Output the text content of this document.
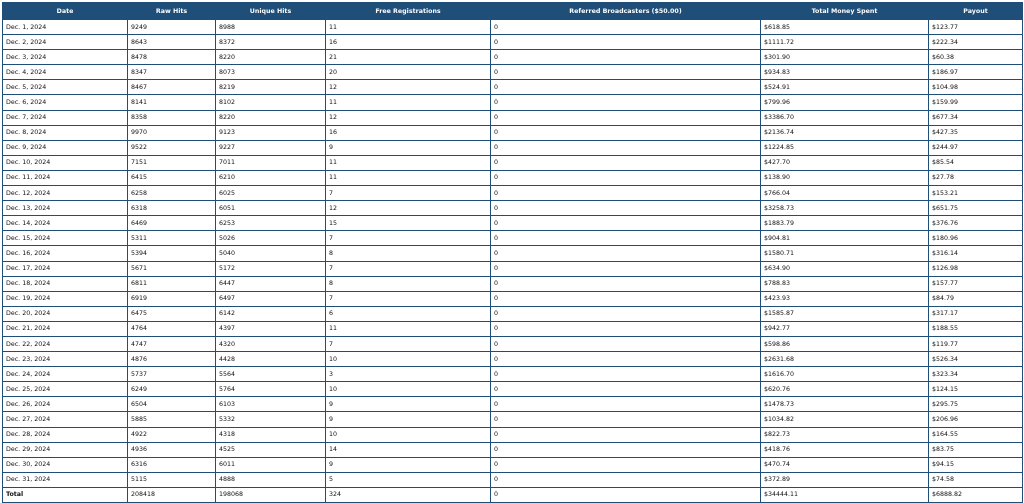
Date	Raw Hits	Unique Hits	Free Registrations	Referred Broadcasters ($50.00)	Total Money Spent	Payout
Dec. 1, 2024	9249	8988	11	0	$618.85	$123.77
Dec. 2, 2024	8643	8372	16	0	$1111.72	$222.34
Dec. 3, 2024	8478	8220	21	0	$301.90	$60.38
Dec. 4, 2024	8347	8073	20	0	$934.83	$186.97
Dec. 5, 2024	8467	8219	12	0	$524.91	$104.98
Dec. 6, 2024	8141	8102	11	0	$799.96	$159.99
Dec. 7, 2024	8358	8220	12	0	$3386.70	$677.34
Dec. 8, 2024	9970	9123	16	0	$2136.74	$427.35
Dec. 9, 2024	9522	9227	9	0	$1224.85	$244.97
Dec. 10, 2024	7151	7011	11	0	$427.70	$85.54
Dec. 11, 2024	6415	6210	11	0	$138.90	$27.78
Dec. 12, 2024	6258	6025	7	0	$766.04	$153.21
Dec. 13, 2024	6318	6051	12	0	$3258.73	$651.75
Dec. 14, 2024	6469	6253	15	0	$1883.79	$376.76
Dec. 15, 2024	5311	5026	7	0	$904.81	$180.96
Dec. 16, 2024	5394	5040	8	0	$1580.71	$316.14
Dec. 17, 2024	5671	5172	7	0	$634.90	$126.98
Dec. 18, 2024	6811	6447	8	0	$788.83	$157.77
Dec. 19, 2024	6919	6497	7	0	$423.93	$84.79
Dec. 20, 2024	6475	6142	6	0	$1585.87	$317.17
Dec. 21, 2024	4764	4397	11	0	$942.77	$188.55
Dec. 22, 2024	4747	4320	7	0	$598.86	$119.77
Dec. 23, 2024	4876	4428	10	0	$2631.68	$526.34
Dec. 24, 2024	5737	5564	3	0	$1616.70	$323.34
Dec. 25, 2024	6249	5764	10	0	$620.76	$124.15
Dec. 26, 2024	6504	6103	9	0	$1478.73	$295.75
Dec. 27, 2024	5885	5332	9	0	$1034.82	$206.96
Dec. 28, 2024	4922	4318	10	0	$822.73	$164.55
Dec. 29, 2024	4936	4525	14	0	$418.76	$83.75
Dec. 30, 2024	6316	6011	9	0	$470.74	$94.15
Dec. 31, 2024	5115	4888	5	0	$372.89	$74.58
Total	208418	198068	324	0	$34444.11	$6888.82
